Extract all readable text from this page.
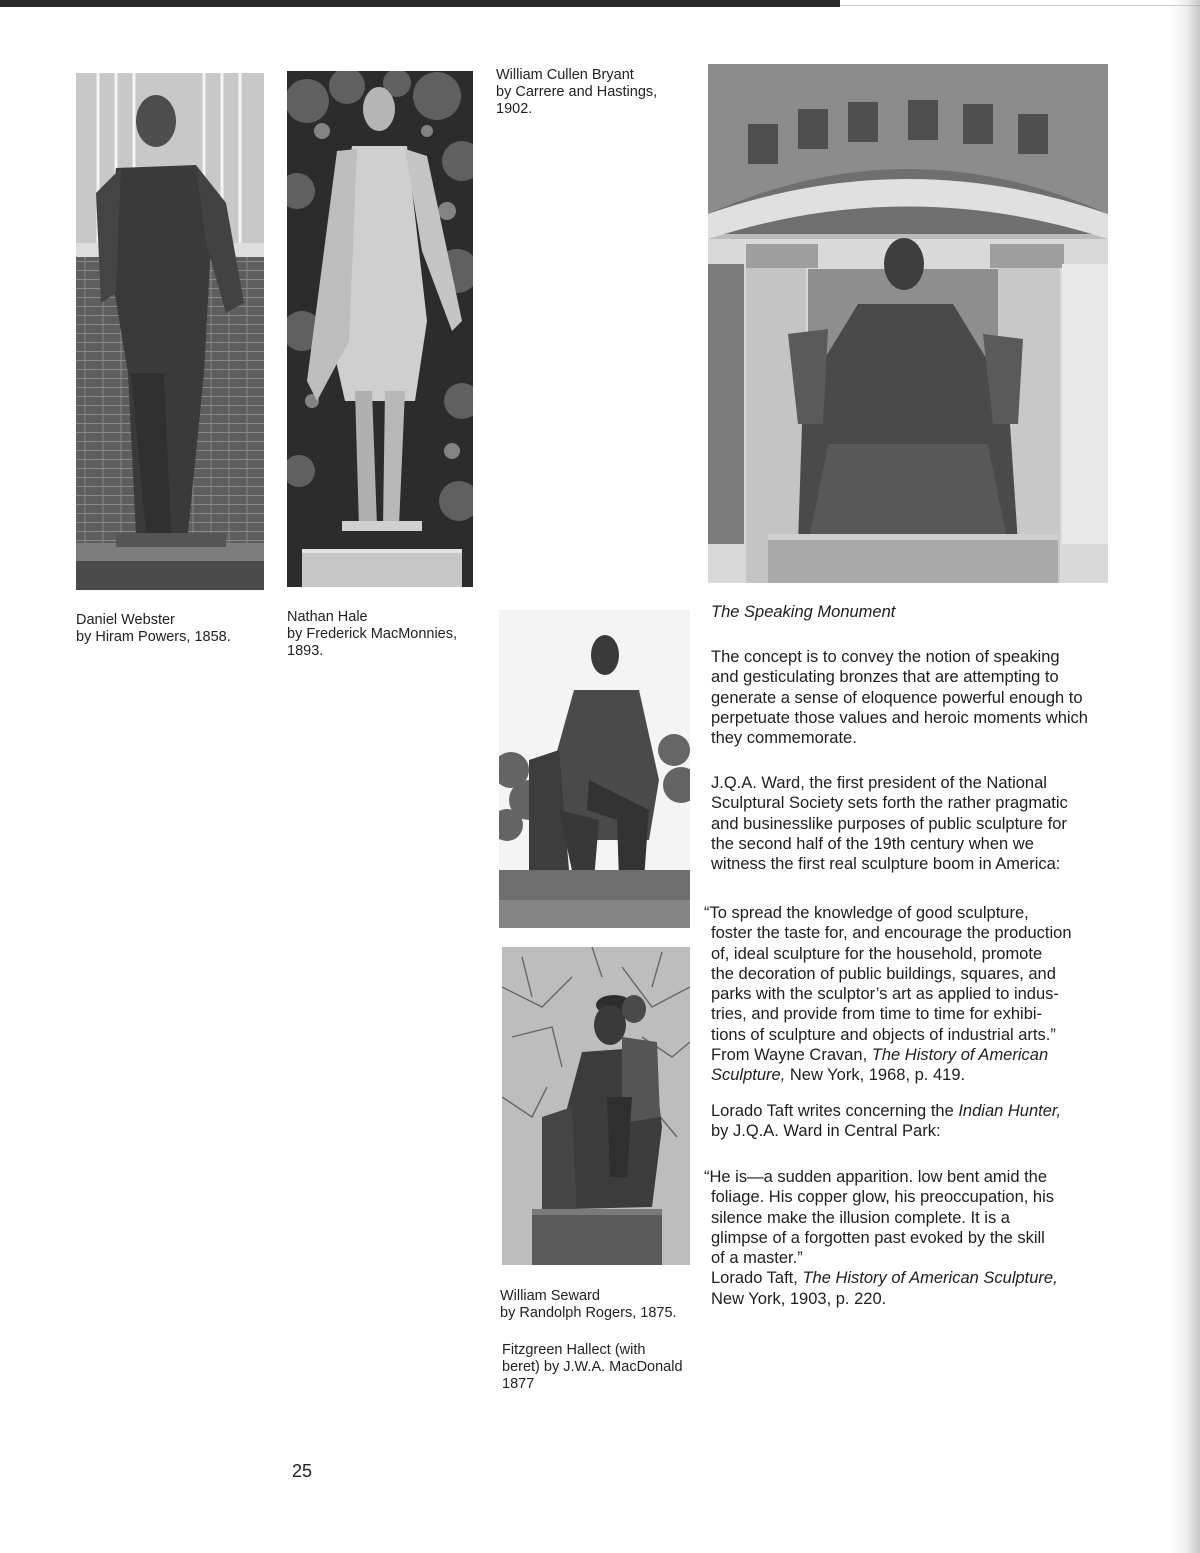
William Cullen Bryant
by Carrere and Hastings,
1902.
Daniel Webster
by Hiram Powers, 1858.
Nathan Hale
by Frederick MacMonnies,
1893.
William Seward
by Randolph Rogers, 1875.
Fitzgreen Hallect (with
beret) by J.W.A. MacDonald
1877
The Speaking Monument
The concept is to convey the notion of speaking
and gesticulating bronzes that are attempting to
generate a sense of eloquence powerful enough to
perpetuate those values and heroic moments which
they commemorate.
J.Q.A. Ward, the first president of the National
Sculptural Society sets forth the rather pragmatic
and businesslike purposes of public sculpture for
the second half of the 19th century when we
witness the first real sculpture boom in America:
“To spread the knowledge of good sculpture,
foster the taste for, and encourage the production
of, ideal sculpture for the household, promote
the decoration of public buildings, squares, and
parks with the sculptor’s art as applied to indus-
tries, and provide from time to time for exhibi-
tions of sculpture and objects of industrial arts.”
From Wayne Cravan, The History of American
Sculpture, New York, 1968, p. 419.
Lorado Taft writes concerning the Indian Hunter,
by J.Q.A. Ward in Central Park:
“He is—a sudden apparition. low bent amid the
foliage. His copper glow, his preoccupation, his
silence make the illusion complete. It is a
glimpse of a forgotten past evoked by the skill
of a master.”
Lorado Taft, The History of American Sculpture,
New York, 1903, p. 220.
25
